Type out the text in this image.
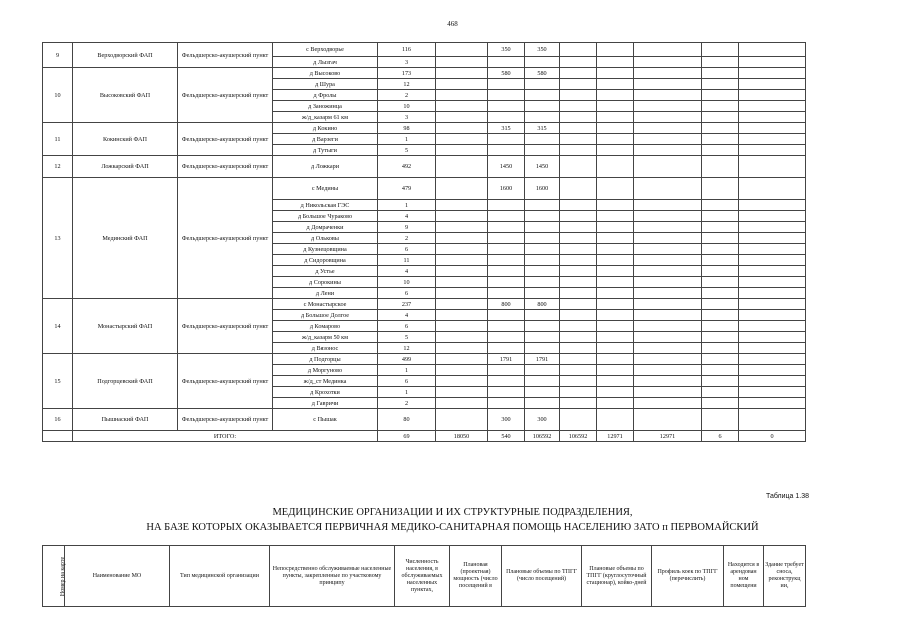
468
9	Верходворский ФАП	Фельдшерско-акушерский пункт	с Верходворье	116		350	350						
			д Лызгач	3									
10	Высоковский ФАП	Фельдшерско-акушерский пункт	д Высоково	173		580	580						
			д Шура	12									
			д Фролы	2									
			д Заножинца	10									
			ж/д_казарм 61 км	3									
11	Кокинский ФАП	Фельдшерско-акушерский пункт	д Кокино	98		315	315						
			д Варзеги	1									
			д Тутыги	5									
12	Ложкарский ФАП	Фельдшерско-акушерский пункт	д Ложкари	492		1450	1450						
13	Мединский ФАП	Фельдшерско-акушерский пункт	с Медины	479		1600	1600						
			д Никольская ГЭС	1									
			д Большое Чураково	4									
			д Домраченки	9									
			д Ольковы	2									
			д Кузнецовщина	6									
			д Сидоровщина	11									
			д Устье	4									
			д Сорокины	10									
			д Лени	6									
14	Монастырский ФАП	Фельдшерско-акушерский пункт	с Монастырское	237		800	800						
			д Большое Долгое	4									
			д Комарово	6									
			ж/д_казарм 50 км	5									
			д Вязонос	12									
15	Подгорцевский ФАП	Фельдшерско-акушерский пункт	д Подгорцы	499		1791	1791						
			д Моргуново	1									
			ж/д_ст Мединка	6									
			д Крохотки	1									
			д Гавричи	2									
16	Пышнаский ФАП	Фельдшерско-акушерский пункт	с Пышак	80		300	300						
	ИТОГО:			69	18050	540	106592	106592	12971	12971	6	0	
Таблица 1.38
МЕДИЦИНСКИЕ ОРГАНИЗАЦИИ И ИХ СТРУКТУРНЫЕ ПОДРАЗДЕЛЕНИЯ,
НА БАЗЕ КОТОРЫХ ОКАЗЫВАЕТСЯ ПЕРВИЧНАЯ МЕДИКО-САНИТАРНАЯ ПОМОЩЬ НАСЕЛЕНИЮ ЗАТО п ПЕРВОМАЙСКИЙ
Номер на карте	Наименование МО	Тип медицинской организации	Непосредственно обслуживаемые населенные пункты, закрепленные по участковому принципу	Численность населения, в обслуживаемых населенных пунктах,	Плановая (проектная) мощность (число посещений в	Плановые объемы по ТПГГ (число посещений)	Плановые объемы по ТПГГ (круглосуточный стационар), койко-дней	Профиль коек по ТПГГ (перечислить)	Находится в арендован ном помещени	Здание требует сноса, реконструкц ии,
